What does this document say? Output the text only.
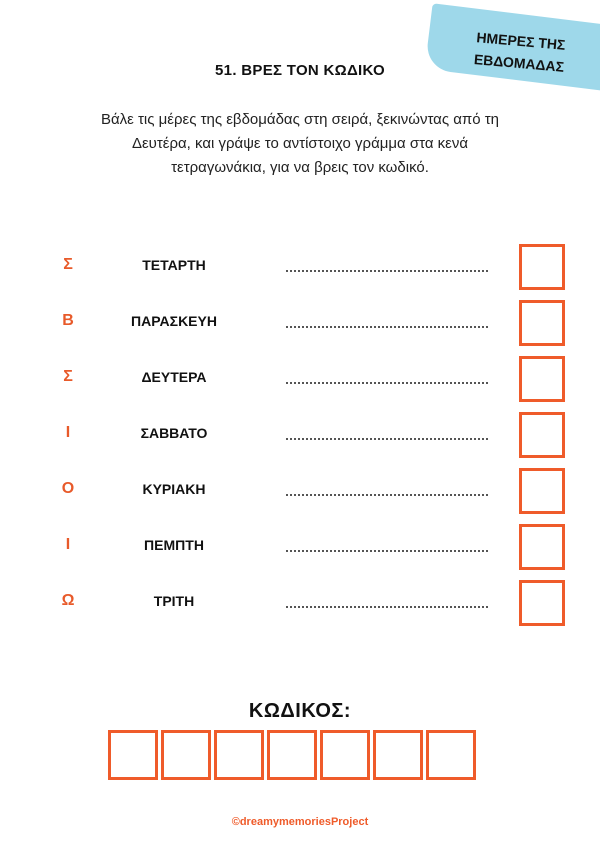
ΗΜΕΡΕΣ ΤΗΣ
ΕΒΔΟΜΑΔΑΣ
51. ΒΡΕΣ ΤΟΝ ΚΩΔΙΚΟ
Βάλε τις μέρες της εβδομάδας στη σειρά, ξεκινώντας από τη
Δευτέρα, και γράψε το αντίστοιχο γράμμα στα κενά
τετραγωνάκια, για να βρεις τον κωδικό.
Σ	ΤΕΤΑΡΤΗ
Β	ΠΑΡΑΣΚΕΥΗ
Σ	ΔΕΥΤΕΡΑ
Ι	ΣΑΒΒΑΤΟ
Ο	ΚΥΡΙΑΚΗ
Ι	ΠΕΜΠΤΗ
Ω	ΤΡΙΤΗ
ΚΩΔΙΚΟΣ:
©dreamymemoriesProject
